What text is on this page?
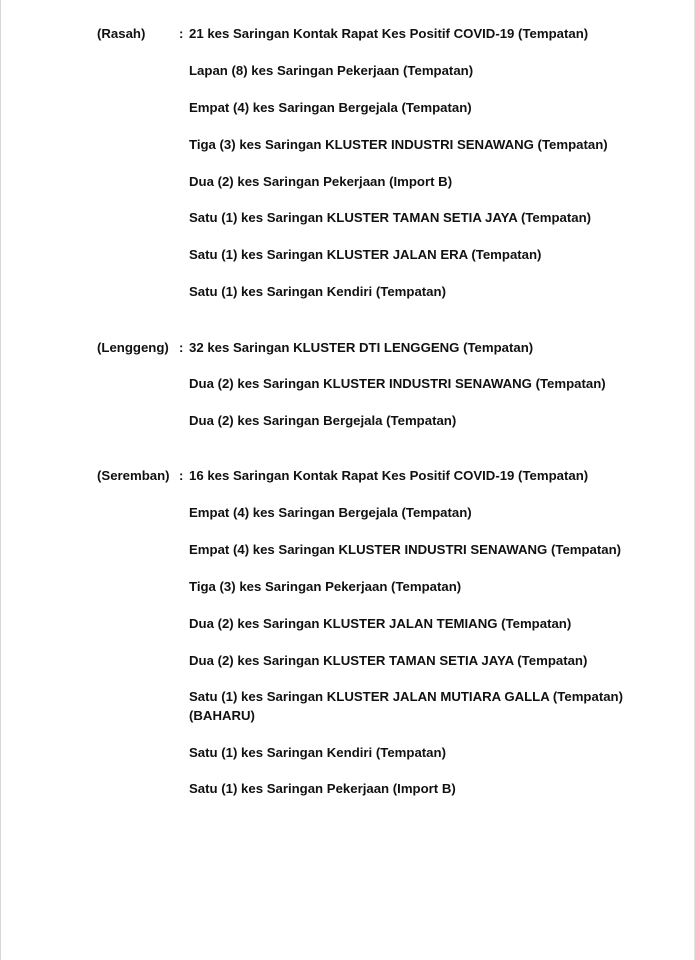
(Rasah)	: 21 kes Saringan Kontak Rapat Kes Positif COVID-19 (Tempatan)
Lapan (8) kes Saringan Pekerjaan (Tempatan)
Empat (4) kes Saringan Bergejala (Tempatan)
Tiga (3) kes Saringan KLUSTER INDUSTRI SENAWANG (Tempatan)
Dua (2) kes Saringan Pekerjaan (Import B)
Satu (1) kes Saringan KLUSTER TAMAN SETIA JAYA (Tempatan)
Satu (1) kes Saringan KLUSTER JALAN ERA (Tempatan)
Satu (1) kes Saringan Kendiri (Tempatan)
(Lenggeng) : 32 kes Saringan KLUSTER DTI LENGGENG (Tempatan)
Dua (2) kes Saringan KLUSTER INDUSTRI SENAWANG (Tempatan)
Dua (2) kes Saringan Bergejala (Tempatan)
(Seremban) : 16 kes Saringan Kontak Rapat Kes Positif COVID-19 (Tempatan)
Empat (4) kes Saringan Bergejala (Tempatan)
Empat (4) kes Saringan KLUSTER INDUSTRI SENAWANG (Tempatan)
Tiga (3) kes Saringan Pekerjaan (Tempatan)
Dua (2) kes Saringan KLUSTER JALAN TEMIANG (Tempatan)
Dua (2) kes Saringan KLUSTER TAMAN SETIA JAYA (Tempatan)
Satu (1) kes Saringan KLUSTER JALAN MUTIARA GALLA (Tempatan)
(BAHARU)
Satu (1) kes Saringan Kendiri (Tempatan)
Satu (1) kes Saringan Pekerjaan (Import B)
